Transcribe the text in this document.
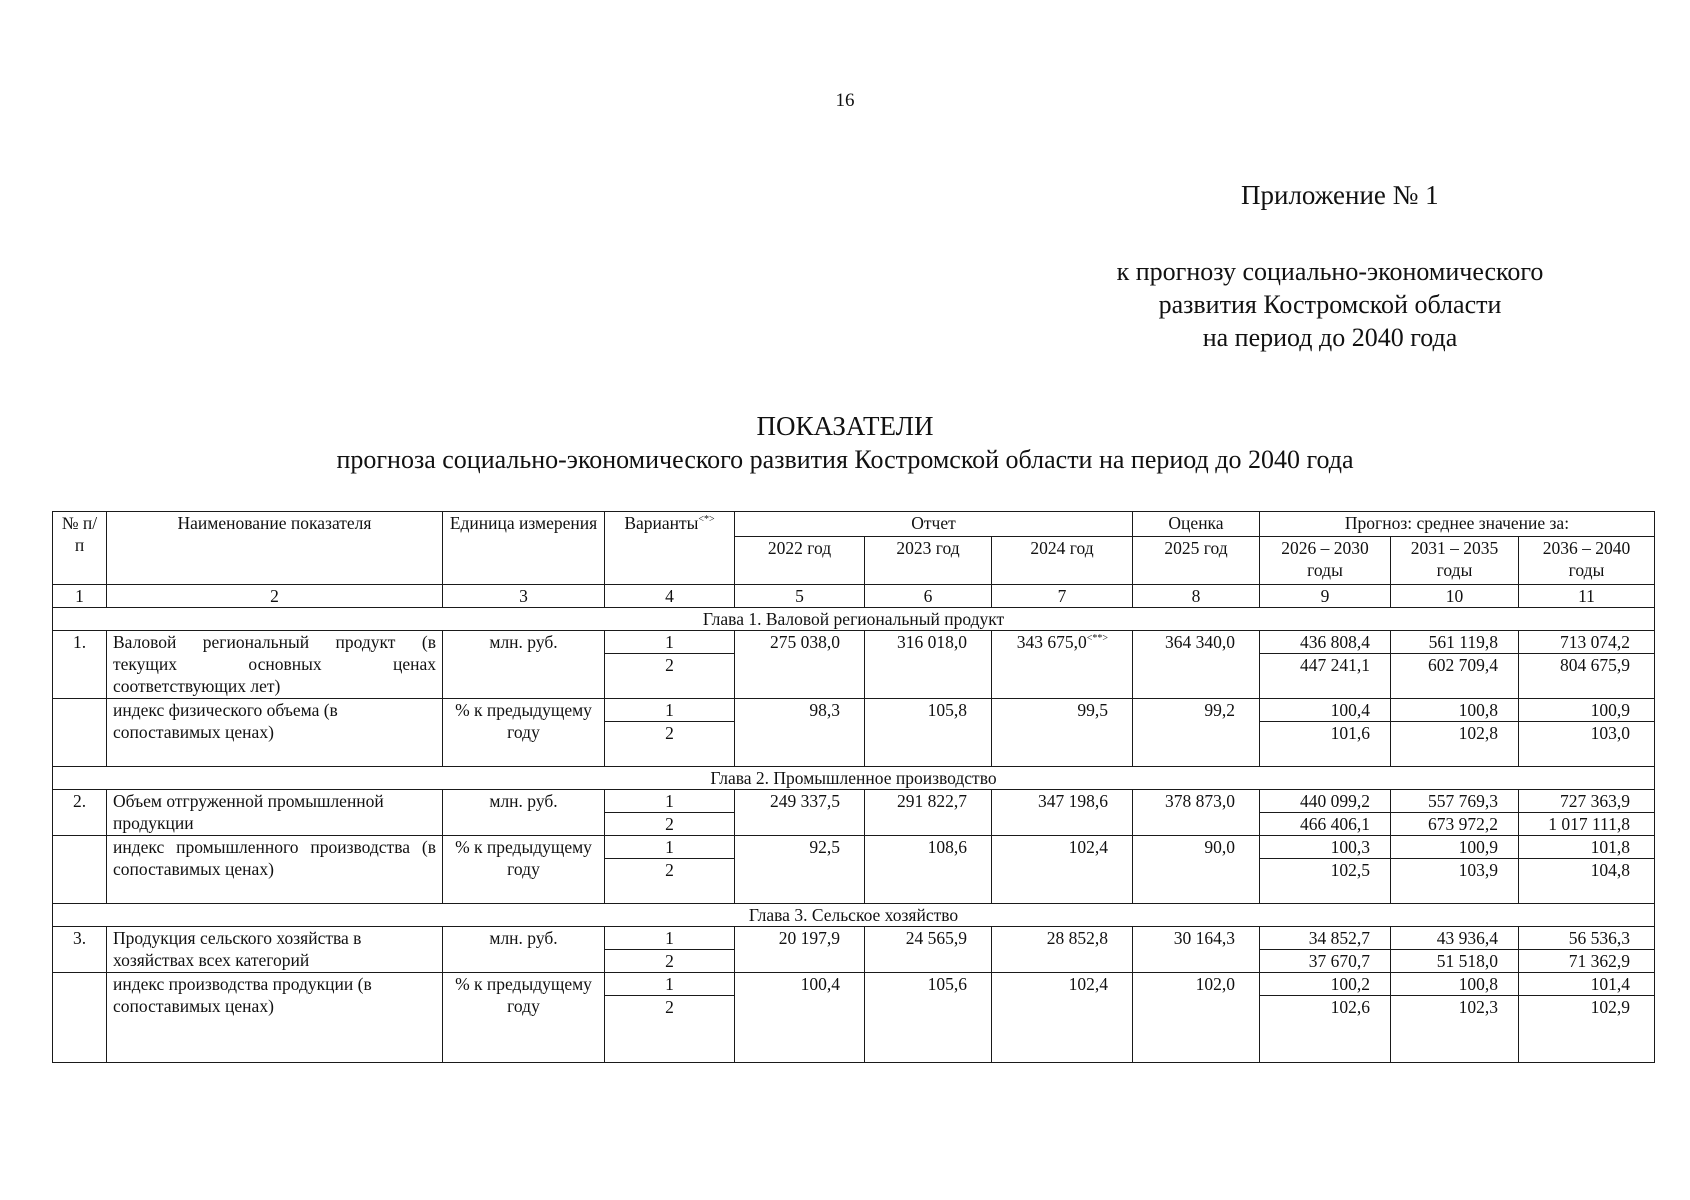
16
Приложение № 1
к прогнозу социально-экономического
развития Костромской области
на период до 2040 года
ПОКАЗАТЕЛИ
прогноза социально-экономического развития Костромской области на период до 2040 года
№ п/п	Наименование показателя	Единица измерения	Варианты<*>	Отчет			Оценка	Прогноз: среднее значение за:		
				2022 год	2023 год	2024 год	2025 год	2026 – 2030 годы	2031 – 2035 годы	2036 – 2040 годы
1	2	3	4	5	6	7	8	9	10	11
Глава 1. Валовой региональный продукт										
1.	Валовой региональный продукт (в текущих основных ценах соответствующих лет)	млн. руб.	1	275 038,0	316 018,0	343 675,0<**>	364 340,0	436 808,4	561 119,8	713 074,2
			2					447 241,1	602 709,4	804 675,9
	индекс физического объема (в сопоставимых ценах)	% к предыдущему году	1	98,3	105,8	99,5	99,2	100,4	100,8	100,9
			2					101,6	102,8	103,0
Глава 2. Промышленное производство										
2.	Объем отгруженной промышленной продукции	млн. руб.	1	249 337,5	291 822,7	347 198,6	378 873,0	440 099,2	557 769,3	727 363,9
			2					466 406,1	673 972,2	1 017 111,8
	индекс промышленного производства (в сопоставимых ценах)	% к предыдущему году	1	92,5	108,6	102,4	90,0	100,3	100,9	101,8
			2					102,5	103,9	104,8
Глава 3. Сельское хозяйство										
3.	Продукция сельского хозяйства в хозяйствах всех категорий	млн. руб.	1	20 197,9	24 565,9	28 852,8	30 164,3	34 852,7	43 936,4	56 536,3
			2					37 670,7	51 518,0	71 362,9
	индекс производства продукции (в сопоставимых ценах)	% к предыдущему году	1	100,4	105,6	102,4	102,0	100,2	100,8	101,4
			2					102,6	102,3	102,9
